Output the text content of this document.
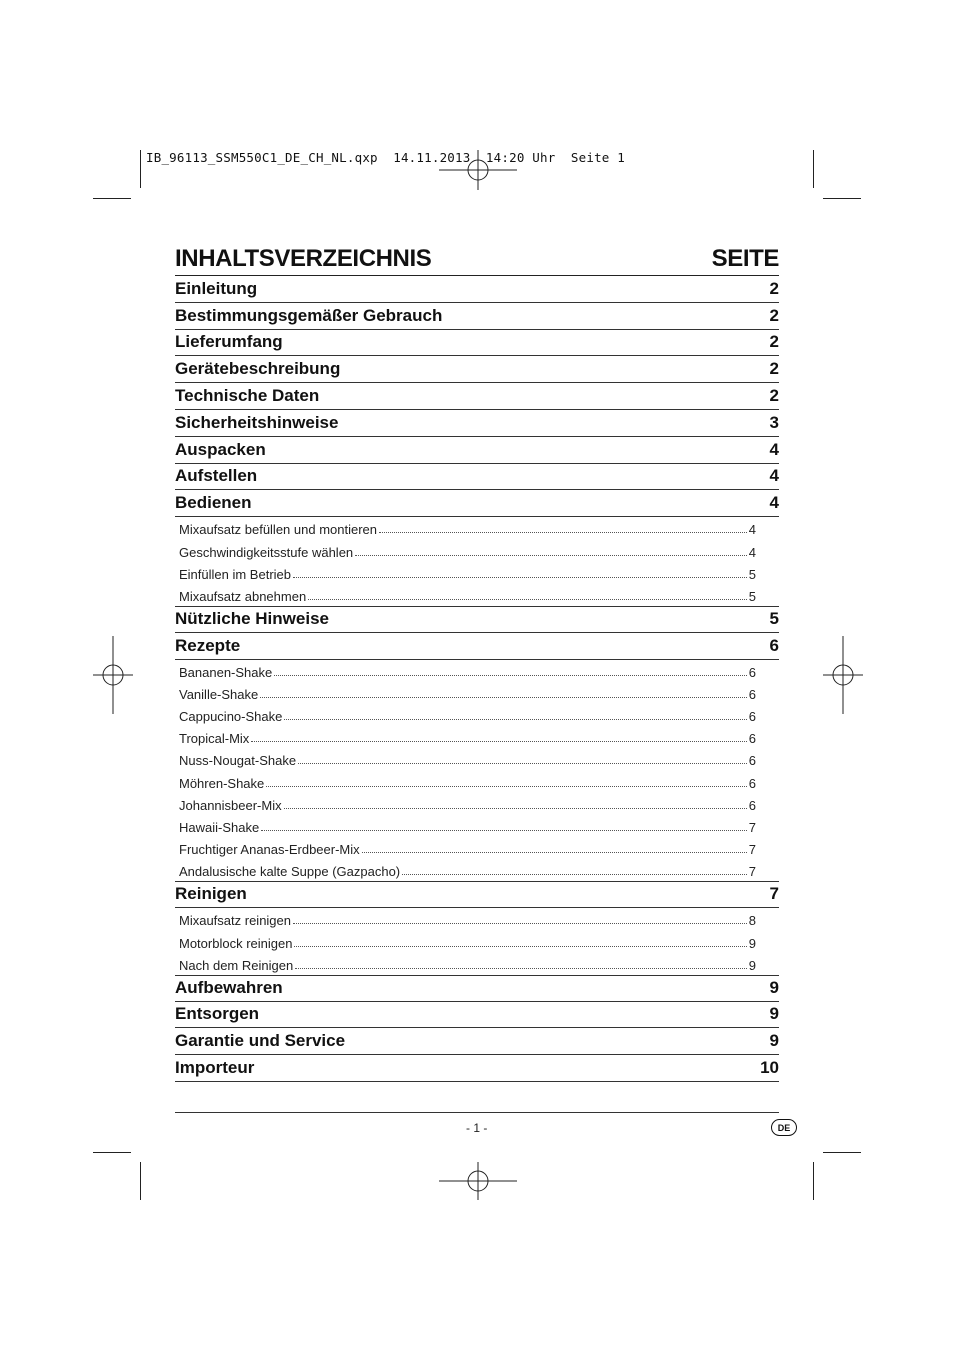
IB_96113_SSM550C1_DE_CH_NL.qxp  14.11.2013  14:20 Uhr  Seite 1
INHALTSVERZEICHNIS	SEITE
Einleitung	2
Bestimmungsgemäßer Gebrauch	2
Lieferumfang	2
Gerätebeschreibung	2
Technische Daten	2
Sicherheitshinweise	3
Auspacken	4
Aufstellen	4
Bedienen	4
Mixaufsatz befüllen und montieren	4
Geschwindigkeitsstufe wählen	4
Einfüllen im Betrieb	5
Mixaufsatz abnehmen	5
Nützliche Hinweise	5
Rezepte	6
Bananen-Shake	6
Vanille-Shake	6
Cappucino-Shake	6
Tropical-Mix	6
Nuss-Nougat-Shake	6
Möhren-Shake	6
Johannisbeer-Mix	6
Hawaii-Shake	7
Fruchtiger Ananas-Erdbeer-Mix	7
Andalusische kalte Suppe (Gazpacho)	7
Reinigen	7
Mixaufsatz reinigen	8
Motorblock reinigen	9
Nach dem Reinigen	9
Aufbewahren	9
Entsorgen	9
Garantie und Service	9
Importeur	10
- 1 -	DE
